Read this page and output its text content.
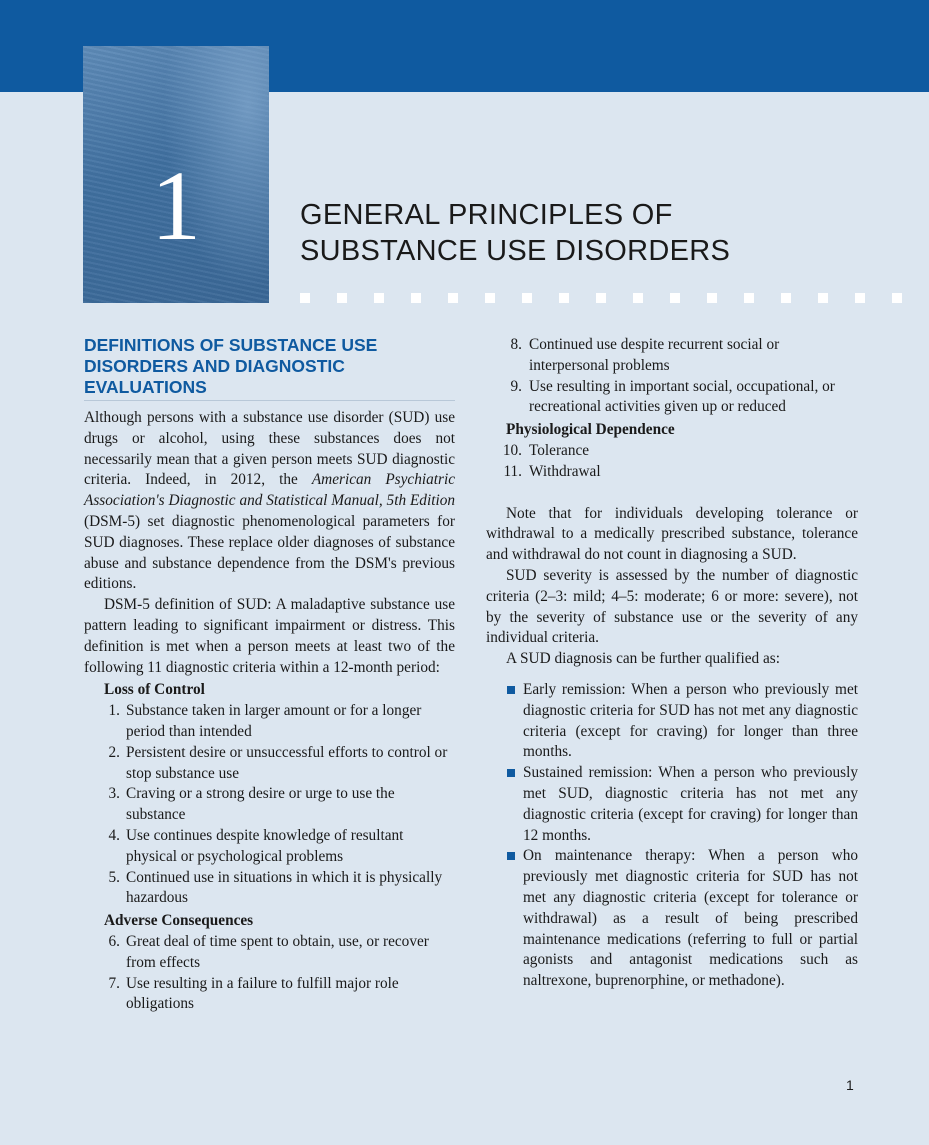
1	GENERAL PRINCIPLES OF
SUBSTANCE USE DISORDERS
DEFINITIONS OF SUBSTANCE USE
DISORDERS AND DIAGNOSTIC
EVALUATIONS

Although persons with a substance use disorder (SUD) use drugs or alcohol, using these substances does not necessarily mean that a given person meets SUD diagnostic criteria. Indeed, in 2012, the American Psychiatric Association's Diagnostic and Statistical Manual, 5th Edition (DSM-5) set diagnostic phenomenological parameters for SUD diagnoses. These replace older diagnoses of substance abuse and substance dependence from the DSM's previous editions.

DSM-5 definition of SUD: A maladaptive substance use pattern leading to significant impairment or distress. This definition is met when a person meets at least two of the following 11 diagnostic criteria within a 12-month period:

Loss of Control
1. Substance taken in larger amount or for a longer period than intended
2. Persistent desire or unsuccessful efforts to control or stop substance use
3. Craving or a strong desire or urge to use the substance
4. Use continues despite knowledge of resultant physical or psychological problems
5. Continued use in situations in which it is physically hazardous
Adverse Consequences
6. Great deal of time spent to obtain, use, or recover from effects
7. Use resulting in a failure to fulfill major role obligations
8. Continued use despite recurrent social or interpersonal problems
9. Use resulting in important social, occupational, or recreational activities given up or reduced
Physiological Dependence
10. Tolerance
11. Withdrawal

Note that for individuals developing tolerance or withdrawal to a medically prescribed substance, tolerance and withdrawal do not count in diagnosing a SUD.

SUD severity is assessed by the number of diagnostic criteria (2–3: mild; 4–5: moderate; 6 or more: severe), not by the severity of substance use or the severity of any individual criteria.

A SUD diagnosis can be further qualified as:

Early remission: When a person who previously met diagnostic criteria for SUD has not met any diagnostic criteria (except for craving) for longer than three months.
Sustained remission: When a person who previously met SUD, diagnostic criteria has not met any diagnostic criteria (except for craving) for longer than 12 months.
On maintenance therapy: When a person who previously met diagnostic criteria for SUD has not met any diagnostic criteria (except for tolerance or withdrawal) as a result of being prescribed maintenance medications (referring to full or partial agonists and antagonist medications such as naltrexone, buprenorphine, or methadone).
1
